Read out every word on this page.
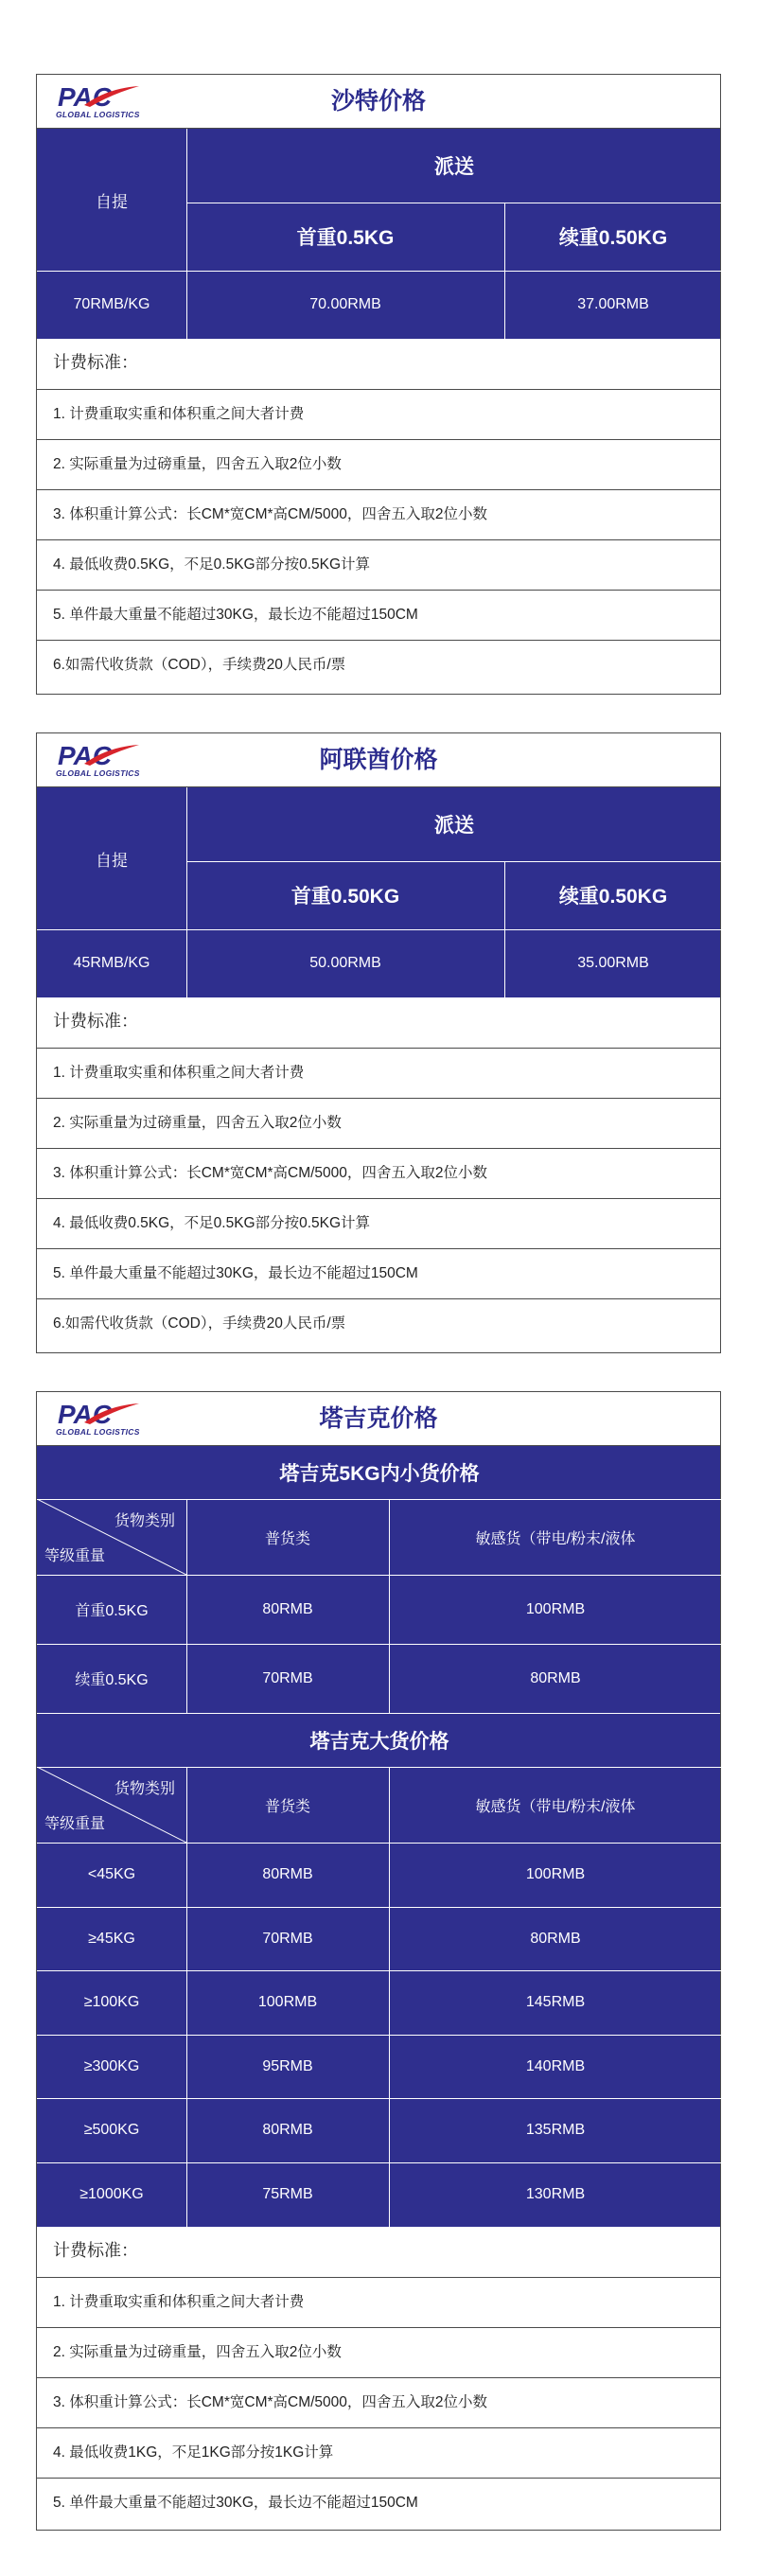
PAC
GLOBAL LOGISTICS	沙特价格
自提
派送
首重0.5KG	续重0.50KG
70RMB/KG	70.00RMB	37.00RMB
计费标准：
1. 计费重取实重和体积重之间大者计费
2. 实际重量为过磅重量，四舍五入取2位小数
3. 体积重计算公式：长CM*宽CM*高CM/5000，四舍五入取2位小数
4. 最低收费0.5KG，不足0.5KG部分按0.5KG计算
5. 单件最大重量不能超过30KG，最长边不能超过150CM
6.如需代收货款（COD），手续费20人民币/票
PAC
GLOBAL LOGISTICS	阿联酋价格
自提
派送
首重0.50KG	续重0.50KG
45RMB/KG	50.00RMB	35.00RMB
计费标准：
1. 计费重取实重和体积重之间大者计费
2. 实际重量为过磅重量，四舍五入取2位小数
3. 体积重计算公式：长CM*宽CM*高CM/5000，四舍五入取2位小数
4. 最低收费0.5KG，不足0.5KG部分按0.5KG计算
5. 单件最大重量不能超过30KG，最长边不能超过150CM
6.如需代收货款（COD），手续费20人民币/票
PAC
GLOBAL LOGISTICS	塔吉克价格
塔吉克5KG内小货价格
货物类别
等级重量
普货类	敏感货（带电/粉末/液体
首重0.5KG	80RMB	100RMB
续重0.5KG	70RMB	80RMB
塔吉克大货价格
货物类别
等级重量
普货类	敏感货（带电/粉末/液体
<45KG	80RMB	100RMB
≥45KG	70RMB	80RMB
≥100KG	100RMB	145RMB
≥300KG	95RMB	140RMB
≥500KG	80RMB	135RMB
≥1000KG	75RMB	130RMB
计费标准：
1. 计费重取实重和体积重之间大者计费
2. 实际重量为过磅重量，四舍五入取2位小数
3. 体积重计算公式：长CM*宽CM*高CM/5000，四舍五入取2位小数
4. 最低收费1KG，不足1KG部分按1KG计算
5. 单件最大重量不能超过30KG，最长边不能超过150CM
